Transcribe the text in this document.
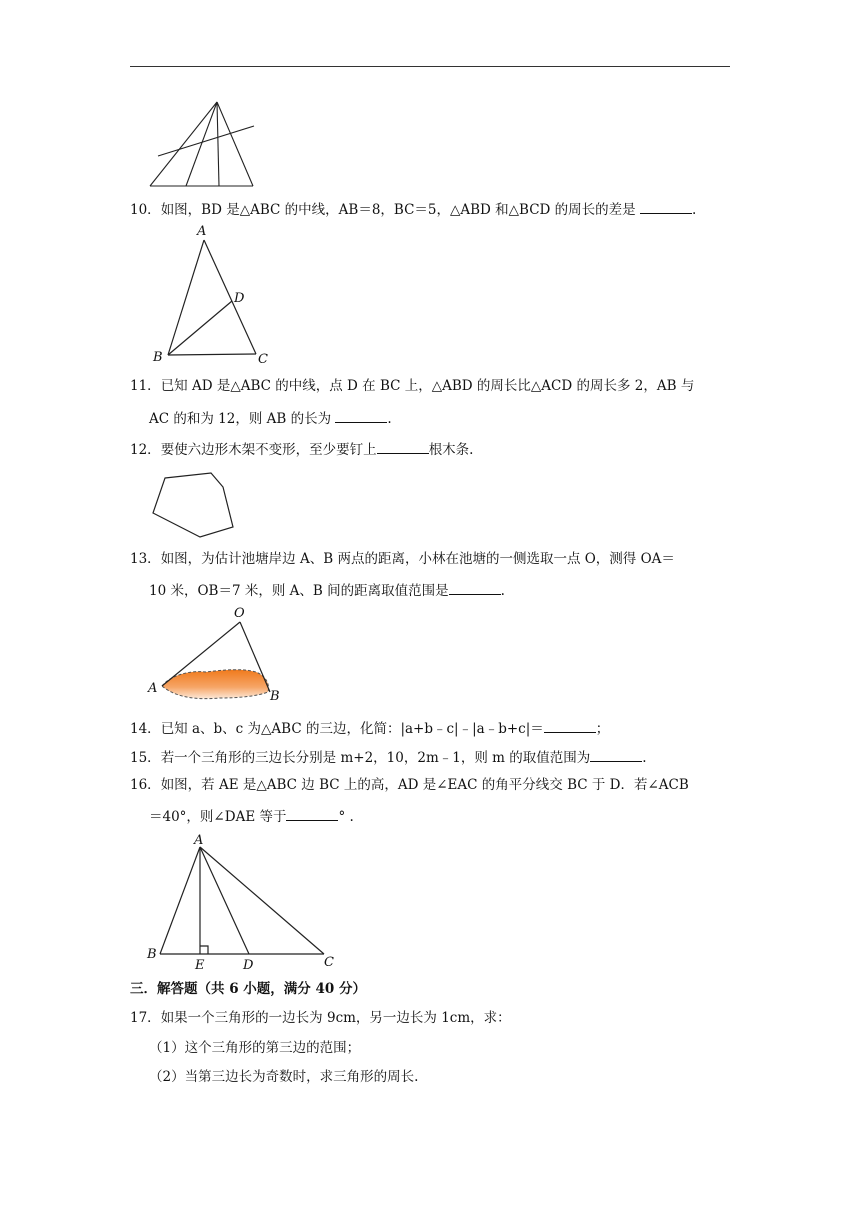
10．如图，BD 是△ABC 的中线，AB＝8，BC＝5，△ABD 和△BCD 的周长的差是	.
A
B	C
D
11．已知 AD 是△ABC 的中线，点 D 在 BC 上，△ABD 的周长比△ACD 的周长多 2，AB 与
AC 的和为 12，则 AB 的长为	.
12．要使六边形木架不变形，至少要钉上	根木条.
13．如图，为估计池塘岸边 A、B 两点的距离，小林在池塘的一侧选取一点 O，测得 OA＝
10 米，OB＝7 米，则 A、B 间的距离取值范围是	.
O
A
B
14．已知 a、b、c 为△ABC 的三边，化简：|a+b﹣c|﹣|a﹣b+c|＝	；
15．若一个三角形的三边长分别是 m+2，10，2m﹣1，则 m 的取值范围为	.
16．如图，若 AE 是△ABC 边 BC 上的高，AD 是∠EAC 的角平分线交 BC 于 D．若∠ACB
＝40°，则∠DAE 等于	° .
A
B
C
D
E
三．解答题（共 6 小题，满分 40 分）
17．如果一个三角形的一边长为 9cm，另一边长为 1cm，求：
（1）这个三角形的第三边的范围；
（2）当第三边长为奇数时，求三角形的周长.
